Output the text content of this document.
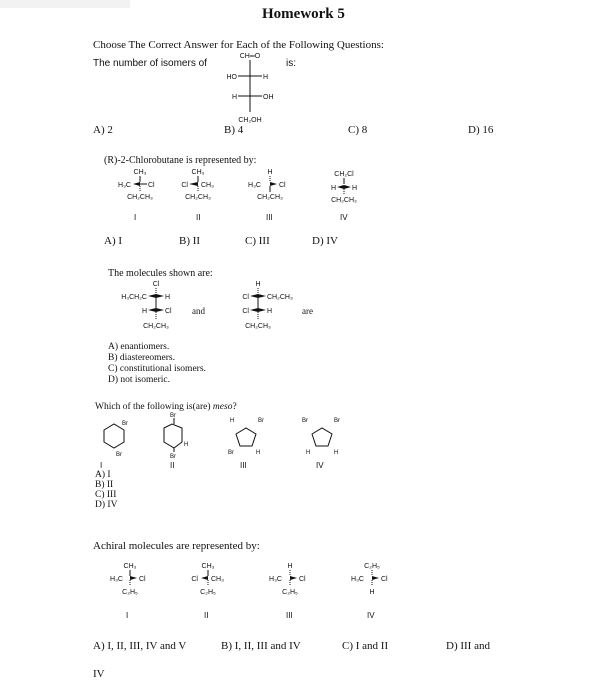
Homework 5
Choose The Correct Answer for Each of the Following Questions:
The number of isomers of	is:
CH═O
HO	H
H	OH
CH₂OH
A) 2	B) 4	C) 8	D) 16
(R)-2-Chlorobutane is represented by:
CH₃
H₃C Cl
CH₂CH₃
I
CH₃
Cl CH₃
CH₂CH₃
II
H
H₃C	Cl
CH₂CH₃
III
CH₂Cl
H H
CH₂CH₃
IV
A) I	B) II	C) III	D) IV
The molecules shown are:
Cl
H₃CH₂C	H
H	Cl
CH₂CH₃
H
Cl	CH₂CH₃
Cl	H
CH₂CH₃
and	are
A) enantiomers.
B) diastereomers.
C) constitutional isomers.
D) not isomeric.
Which of the following is(are) meso?
Br
Br
Br
Br
H
H	Br
Br	H
Br	Br
H	H
I	II	III	IV
A) I
B) II
C) III
D) IV
Achiral molecules are represented by:
CH₃
H₃C Cl
C₂H₅
I
CH₃
Cl CH₃
C₂H₅
II
H
H₃C Cl
C₂H₅
III
C₂H₅
H₃C Cl
H
IV
A) I, II, III, IV and V	B) I, II, III and IV	C) I and II	D) III and
IV
